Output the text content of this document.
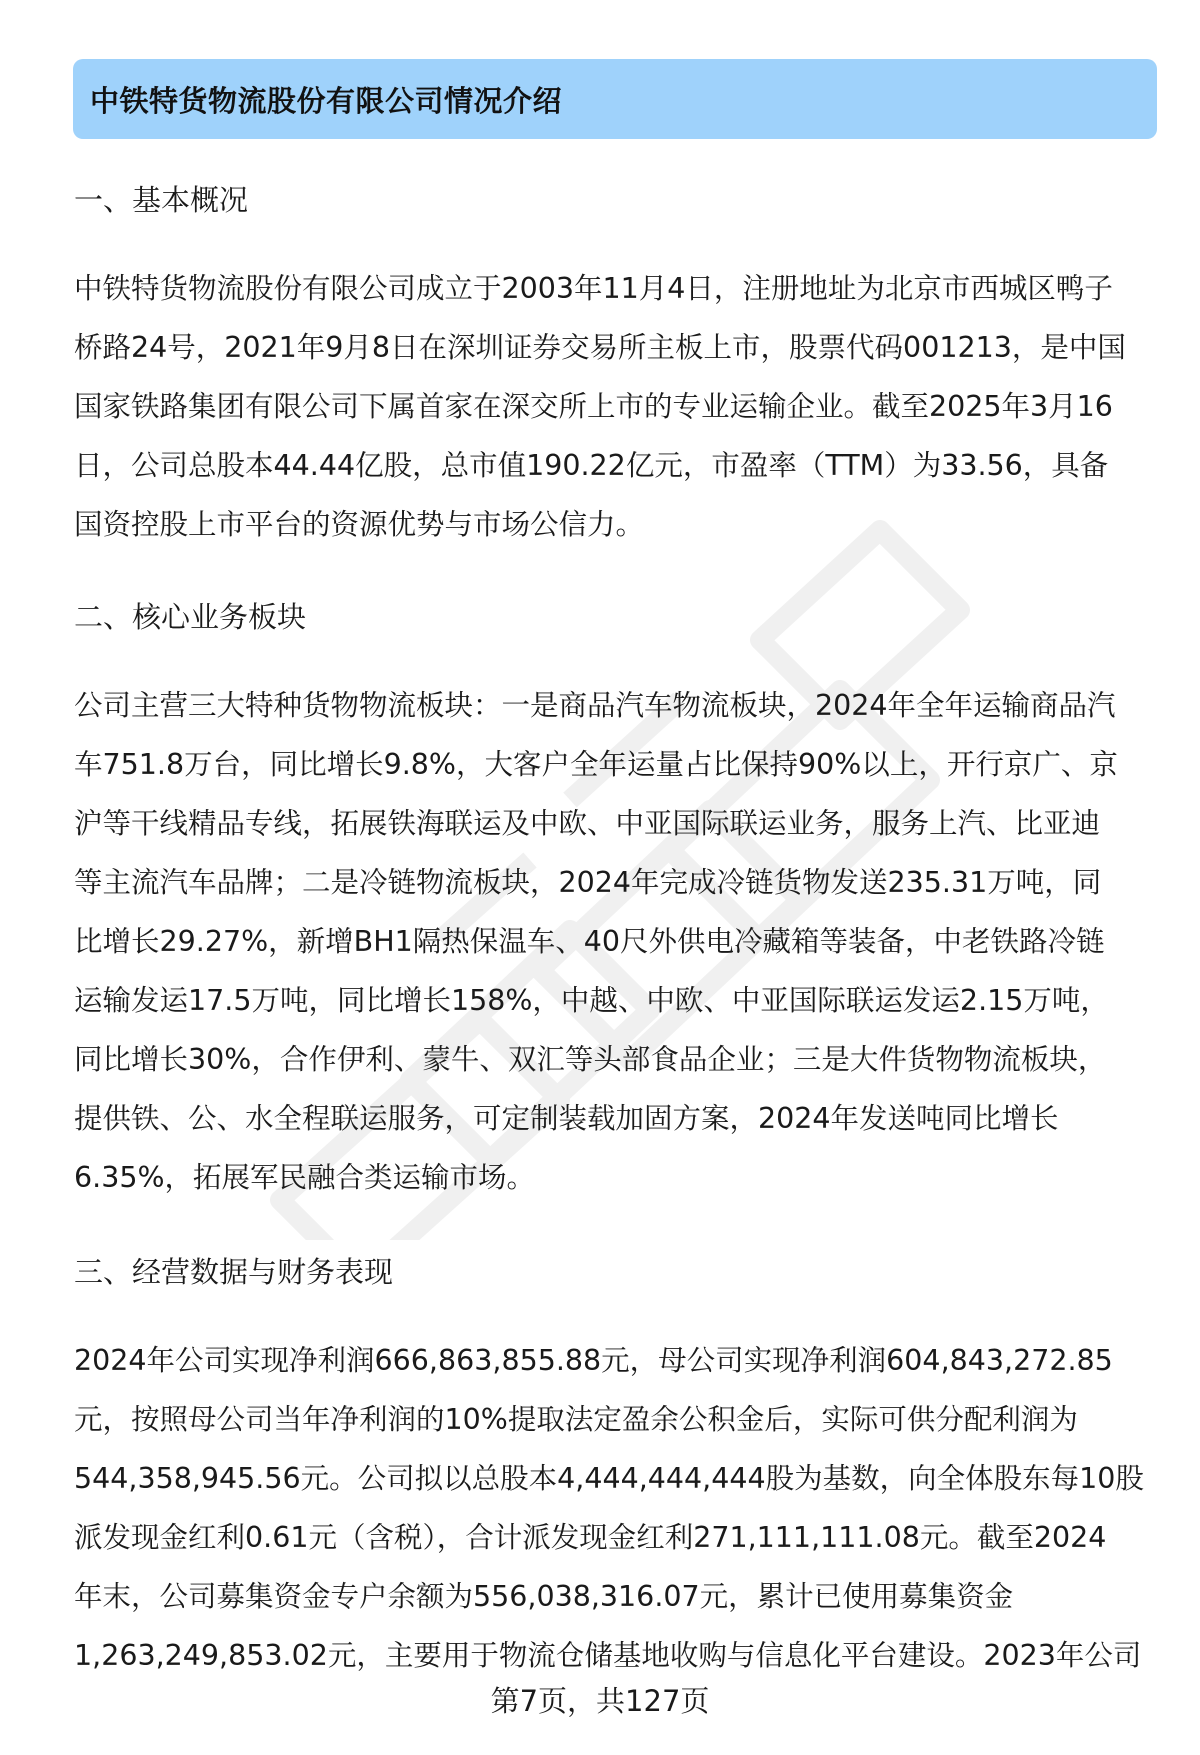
中铁特货物流股份有限公司情况介绍
一、基本概况
中铁特货物流股份有限公司成立于2003年11月4日，注册地址为北京市西城区鸭子
桥路24号，2021年9月8日在深圳证券交易所主板上市，股票代码001213，是中国
国家铁路集团有限公司下属首家在深交所上市的专业运输企业。截至2025年3月16
日，公司总股本44.44亿股，总市值190.22亿元，市盈率（TTM）为33.56，具备
国资控股上市平台的资源优势与市场公信力。
二、核心业务板块
公司主营三大特种货物物流板块：一是商品汽车物流板块，2024年全年运输商品汽
车751.8万台，同比增长9.8%，大客户全年运量占比保持90%以上，开行京广、京
沪等干线精品专线，拓展铁海联运及中欧、中亚国际联运业务，服务上汽、比亚迪
等主流汽车品牌；二是冷链物流板块，2024年完成冷链货物发送235.31万吨，同
比增长29.27%，新增BH1隔热保温车、40尺外供电冷藏箱等装备，中老铁路冷链
运输发运17.5万吨，同比增长158%，中越、中欧、中亚国际联运发运2.15万吨，
同比增长30%，合作伊利、蒙牛、双汇等头部食品企业；三是大件货物物流板块，
提供铁、公、水全程联运服务，可定制装载加固方案，2024年发送吨同比增长
6.35%，拓展军民融合类运输市场。
三、经营数据与财务表现
2024年公司实现净利润666,863,855.88元，母公司实现净利润604,843,272.85
元，按照母公司当年净利润的10%提取法定盈余公积金后，实际可供分配利润为
544,358,945.56元。公司拟以总股本4,444,444,444股为基数，向全体股东每10股
派发现金红利0.61元（含税），合计派发现金红利271,111,111.08元。截至2024
年末，公司募集资金专户余额为556,038,316.07元，累计已使用募集资金
1,263,249,853.02元，主要用于物流仓储基地收购与信息化平台建设。2023年公司
第7页，共127页
